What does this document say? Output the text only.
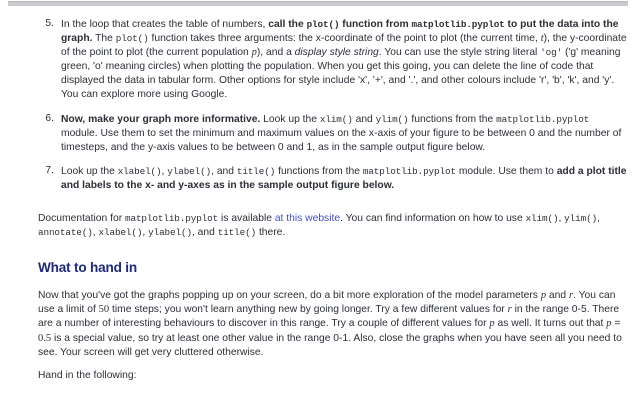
5. In the loop that creates the table of numbers, call the plot() function from matplotlib.pyplot to put the data into the graph. The plot() function takes three arguments: the x-coordinate of the point to plot (the current time, t), the y-coordinate of the point to plot (the current population p), and a display style string. You can use the style string literal 'og' ('g' meaning green, 'o' meaning circles) when plotting the population. When you get this going, you can delete the line of code that displayed the data in tabular form. Other options for style include 'x', '+', and '.', and other colours include 'r', 'b', 'k', and 'y'. You can explore more using Google.
6. Now, make your graph more informative. Look up the xlim() and ylim() functions from the matplotlib.pyplot module. Use them to set the minimum and maximum values on the x-axis of your figure to be between 0 and the number of timesteps, and the y-axis values to be between 0 and 1, as in the sample output figure below.
7. Look up the xlabel(), ylabel(), and title() functions from the matplotlib.pyplot module. Use them to add a plot title and labels to the x- and y-axes as in the sample output figure below.

Documentation for matplotlib.pyplot is available at this website. You can find information on how to use xlim(), ylim(), annotate(), xlabel(), ylabel(), and title() there.

What to hand in

Now that you've got the graphs popping up on your screen, do a bit more exploration of the model parameters p and r. You can use a limit of 50 time steps; you won't learn anything new by going longer. Try a few different values for r in the range 0-5. There are a number of interesting behaviours to discover in this range. Try a couple of different values for p as well. It turns out that p = 0.5 is a special value, so try at least one other value in the range 0-1. Also, close the graphs when you have seen all you need to see. Your screen will get very cluttered otherwise.

Hand in the following:
